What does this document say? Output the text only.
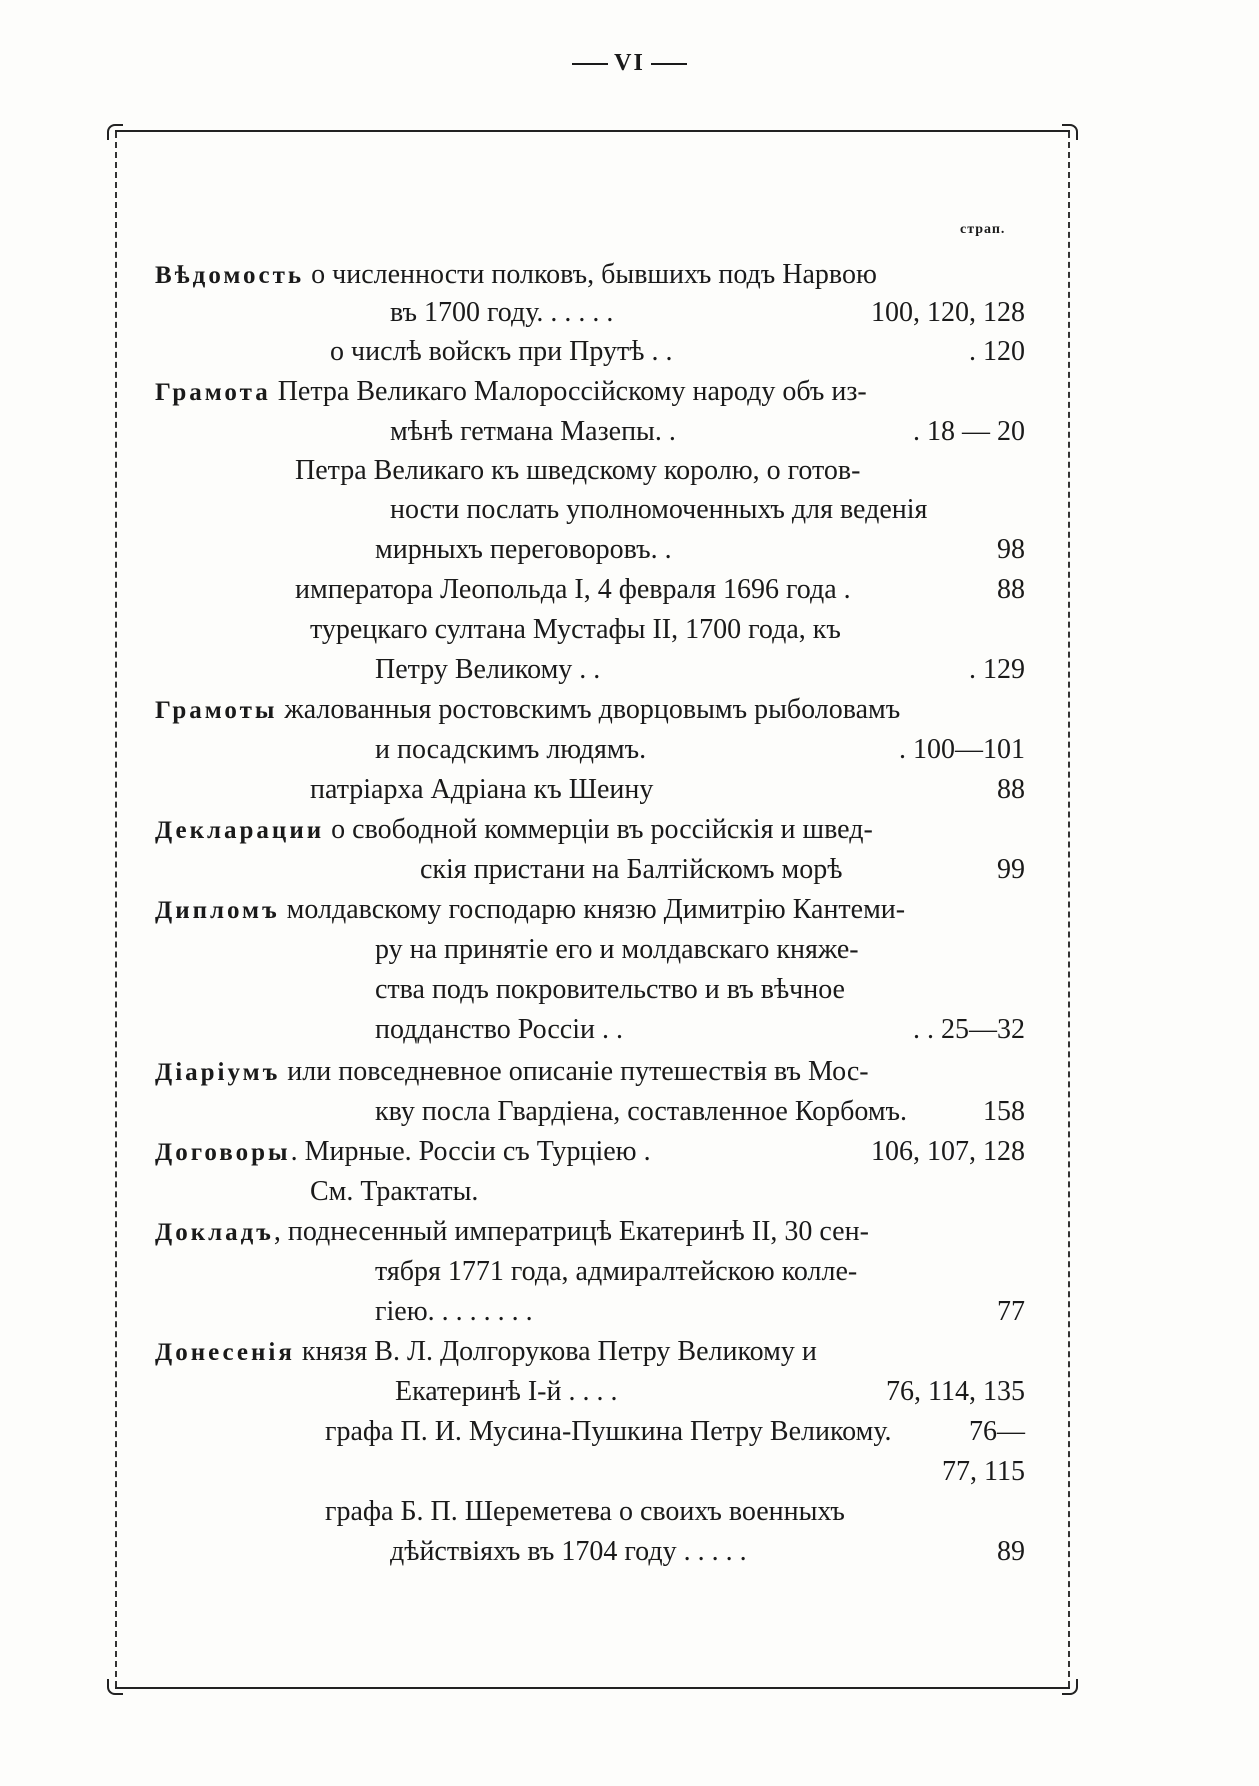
VI
страп.
Вѣдомость о численности полковъ, бывшихъ подъ Нарвою
въ 1700 году. . . . . .	100, 120, 128
о числѣ войскъ при Прутѣ . .	. 120
Грамота Петра Великаго Малороссійскому народу объ из-
мѣнѣ гетмана Мазепы. .	. 18 — 20
Петра Великаго къ шведскому королю, о готов-
ности послать уполномоченныхъ для веденія
мирныхъ переговоровъ. .	98
императора Леопольда I, 4 февраля 1696 года .	88
турецкаго султана Мустафы II, 1700 года, къ
Петру Великому . .	. 129
Грамоты жалованныя ростовскимъ дворцовымъ рыболовамъ
и посадскимъ людямъ.	. 100—101
патріарха Адріана къ Шеину	88
Декларации о свободной коммерціи въ россійскія и швед-
скія пристани на Балтійскомъ морѣ	99
Дипломъ молдавскому господарю князю Димитрію Кантеми-
ру на принятіе его и молдавскаго княже-
ства подъ покровительство и въ вѣчное
подданство Россіи . .	. . 25—32
Діаріумъ или повседневное описаніе путешествія въ Мос-
кву посла Гвардіена, составленное Корбомъ.	158
Договоры. Мирные. Россіи съ Турціею .	106, 107, 128
См. Трактаты.
Докладъ, поднесенный императрицѣ Екатеринѣ II, 30 сен-
тября 1771 года, адмиралтейскою колле-
гіею. . . . . . . .	77
Донесенія князя В. Л. Долгорукова Петру Великому и
Екатеринѣ I-й . . . .	76, 114, 135
графа П. И. Мусина-Пушкина Петру Великому.	76—
77, 115
графа Б. П. Шереметева о своихъ военныхъ
дѣйствіяхъ въ 1704 году . . . . .	89
